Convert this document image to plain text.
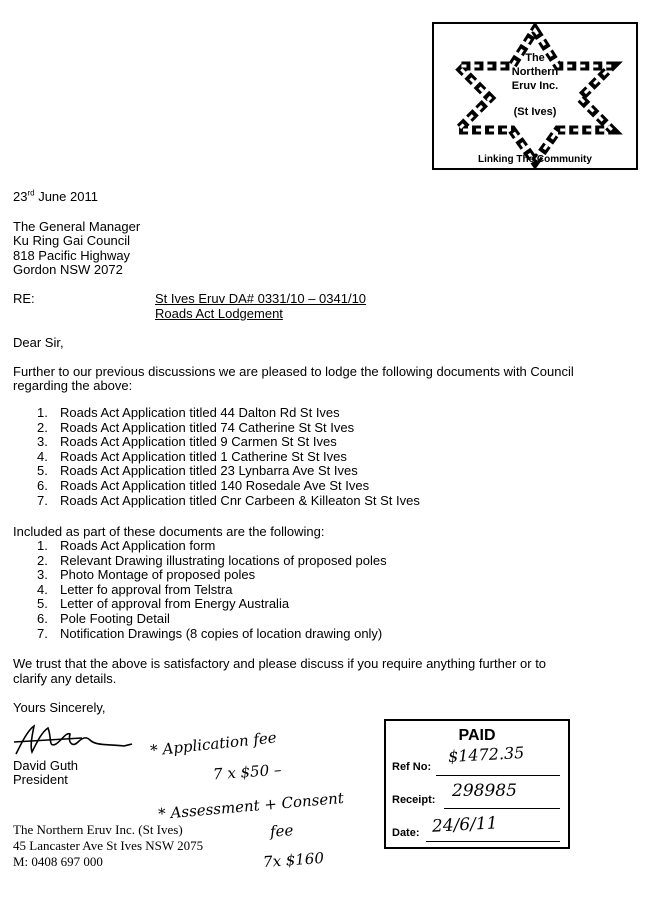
The
Northern
Eruv Inc.
(St Ives)
Linking The Community
23rd June 2011
The General Manager
Ku Ring Gai Council
818 Pacific Highway
Gordon NSW 2072
RE:	St Ives Eruv DA# 0331/10 – 0341/10
Roads Act Lodgement
Dear Sir,
Further to our previous discussions we are pleased to lodge the following documents with Council
regarding the above:
1. Roads Act Application titled 44 Dalton Rd St Ives
2. Roads Act Application titled 74 Catherine St St Ives
3. Roads Act Application titled 9 Carmen St St Ives
4. Roads Act Application titled 1 Catherine St St Ives
5. Roads Act Application titled 23 Lynbarra Ave St Ives
6. Roads Act Application titled 140 Rosedale Ave St Ives
7. Roads Act Application titled Cnr Carbeen & Killeaton St St Ives
Included as part of these documents are the following:
1. Roads Act Application form
2. Relevant Drawing illustrating locations of proposed poles
3. Photo Montage of proposed poles
4. Letter fo approval from Telstra
5. Letter of approval from Energy Australia
6. Pole Footing Detail
7. Notification Drawings (8 copies of location drawing only)
We trust that the above is satisfactory and please discuss if you require anything further or to
clarify any details.
Yours Sincerely,
David Guth
President
The Northern Eruv Inc. (St Ives)
45 Lancaster Ave St Ives NSW 2075
M: 0408 697 000
* Application fee
7 x $50 –
* Assessment + Consent
fee
7x $160
PAID
Ref No:
$1472.35
Receipt: 298985
Date: 24/6/11
